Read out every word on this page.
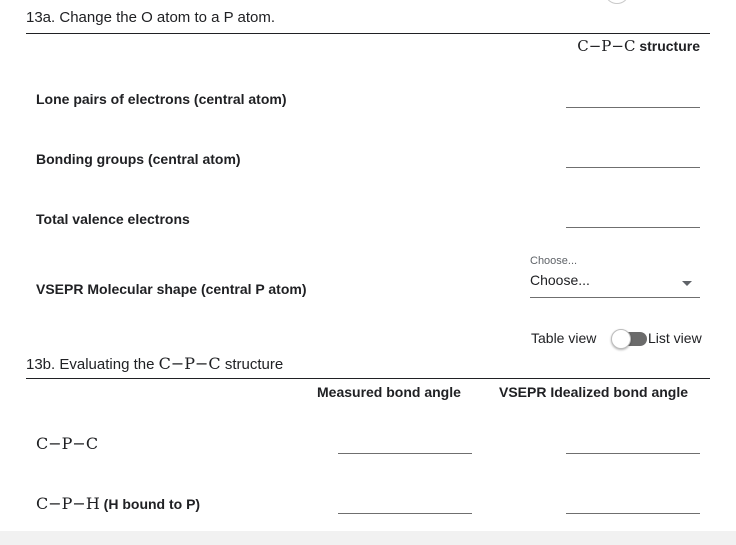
13a. Change the O atom to a P atom.
C−P−C structure
Lone pairs of electrons (central atom)
Bonding groups (central atom)
Total valence electrons
VSEPR Molecular shape (central P atom)
Choose...
Choose...
Table view	List view
13b. Evaluating the C−P−C structure
Measured bond angle	VSEPR Idealized bond angle
C−P−C
C−P−H (H bound to P)
